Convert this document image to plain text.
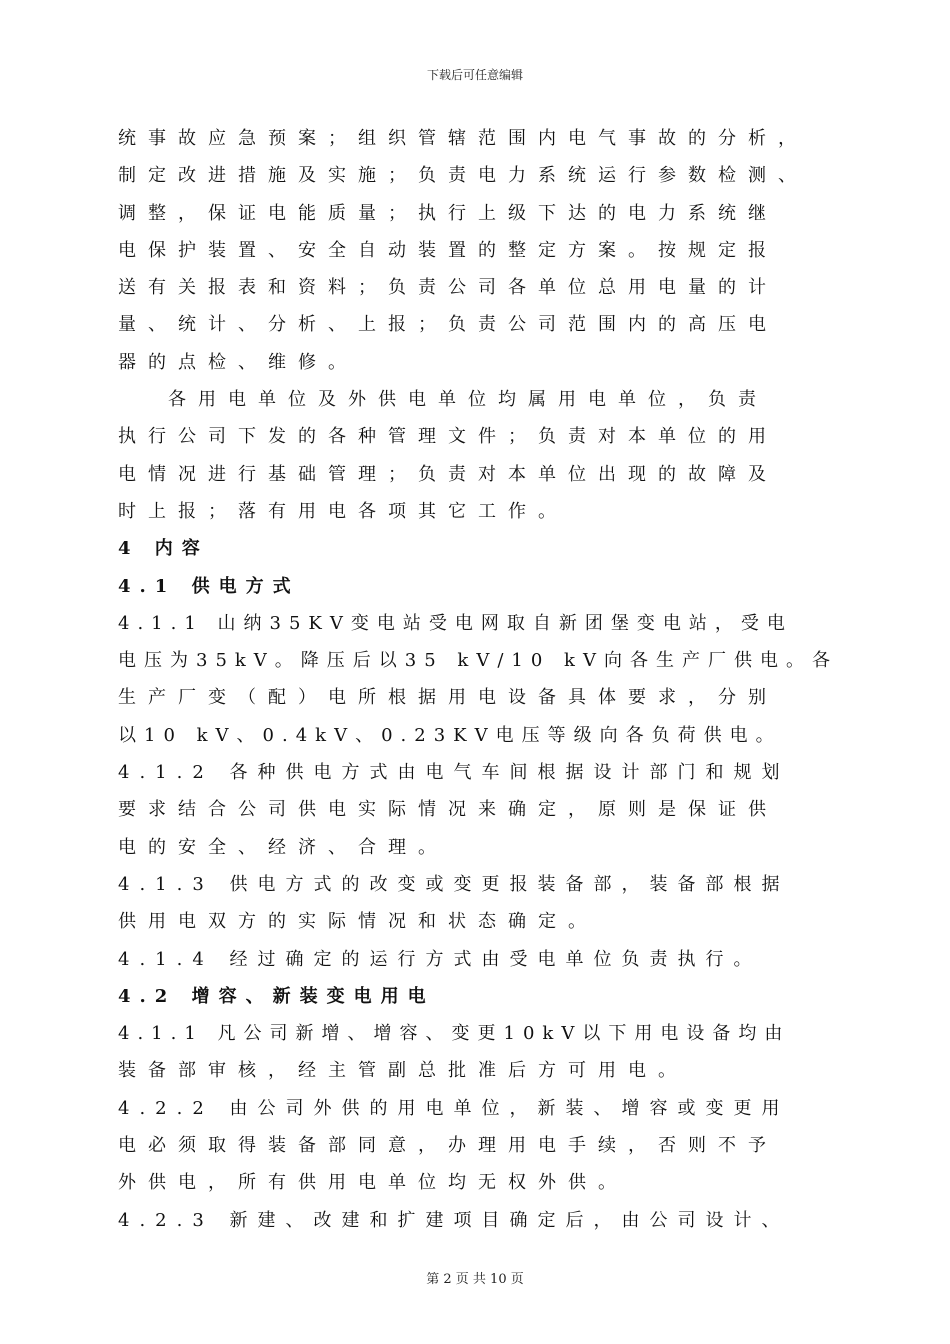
下载后可任意编辑
统事故应急预案；组织管辖范围内电气事故的分析，
制定改进措施及实施；负责电力系统运行参数检测、
调整，保证电能质量；执行上级下达的电力系统继
电保护装置、安全自动装置的整定方案。按规定报
送有关报表和资料；负责公司各单位总用电量的计
量、统计、分析、上报；负责公司范围内的高压电
器的点检、维修。
各用电单位及外供电单位均属用电单位，负责
执行公司下发的各种管理文件；负责对本单位的用
电情况进行基础管理；负责对本单位出现的故障及
时上报；落有用电各项其它工作。
4 内容
4.1 供电方式
4.1.1 山纳35KV变电站受电网取自新团堡变电站，受电
电压为35kV。降压后以35 kV/10 kV向各生产厂供电。各
生产厂变（配）电所根据用电设备具体要求，分别
以10 kV、0.4kV、0.23KV电压等级向各负荷供电。
4.1.2 各种供电方式由电气车间根据设计部门和规划
要求结合公司供电实际情况来确定，原则是保证供
电的安全、经济、合理。
4.1.3 供电方式的改变或变更报装备部，装备部根据
供用电双方的实际情况和状态确定。
4.1.4 经过确定的运行方式由受电单位负责执行。
4.2 增容、新装变电用电
4.1.1 凡公司新增、增容、变更10kV以下用电设备均由
装备部审核，经主管副总批准后方可用电。
4.2.2 由公司外供的用电单位，新装、增容或变更用
电必须取得装备部同意，办理用电手续，否则不予
外供电，所有供用电单位均无权外供。
4.2.3 新建、改建和扩建项目确定后，由公司设计、
第 2 页 共 10 页
